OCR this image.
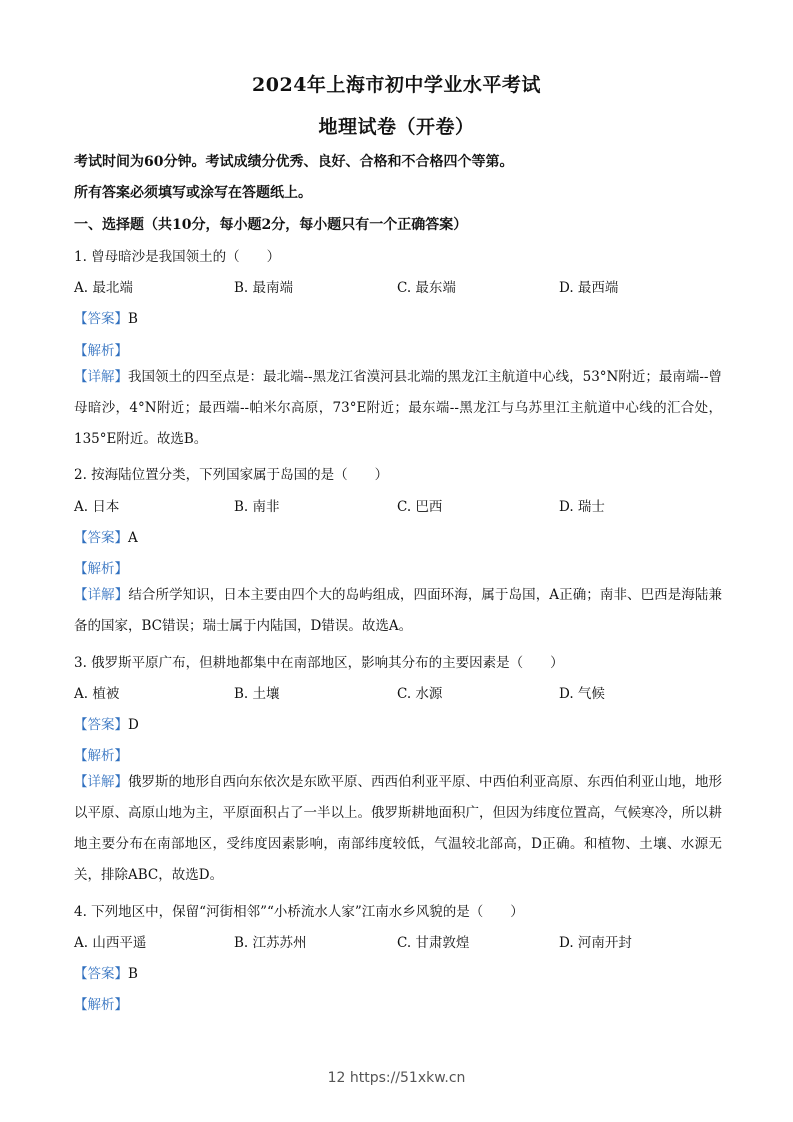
2024年上海市初中学业水平考试
地理试卷（开卷）
考试时间为60分钟。考试成绩分优秀、良好、合格和不合格四个等第。
所有答案必须填写或涂写在答题纸上。
一、选择题（共10分，每小题2分，每小题只有一个正确答案）
1. 曾母暗沙是我国领土的（　　）
A. 最北端	B. 最南端	C. 最东端	D. 最西端
【答案】B
【解析】
【详解】我国领土的四至点是：最北端--黑龙江省漠河县北端的黑龙江主航道中心线，53°N附近；最南端--曾母暗沙，4°N附近；最西端--帕米尔高原，73°E附近；最东端--黑龙江与乌苏里江主航道中心线的汇合处，135°E附近。故选B。
2. 按海陆位置分类，下列国家属于岛国的是（　　）
A. 日本	B. 南非	C. 巴西	D. 瑞士
【答案】A
【解析】
【详解】结合所学知识，日本主要由四个大的岛屿组成，四面环海，属于岛国，A正确；南非、巴西是海陆兼备的国家，BC错误；瑞士属于内陆国，D错误。故选A。
3. 俄罗斯平原广布，但耕地都集中在南部地区，影响其分布的主要因素是（　　）
A. 植被	B. 土壤	C. 水源	D. 气候
【答案】D
【解析】
【详解】俄罗斯的地形自西向东依次是东欧平原、西西伯利亚平原、中西伯利亚高原、东西伯利亚山地，地形以平原、高原山地为主，平原面积占了一半以上。俄罗斯耕地面积广，但因为纬度位置高，气候寒冷，所以耕地主要分布在南部地区，受纬度因素影响，南部纬度较低，气温较北部高，D正确。和植物、土壤、水源无关，排除ABC，故选D。
4. 下列地区中，保留“河街相邻”“小桥流水人家”江南水乡风貌的是（　　）
A. 山西平遥	B. 江苏苏州	C. 甘肃敦煌	D. 河南开封
【答案】B
【解析】
12 https://51xkw.cn
